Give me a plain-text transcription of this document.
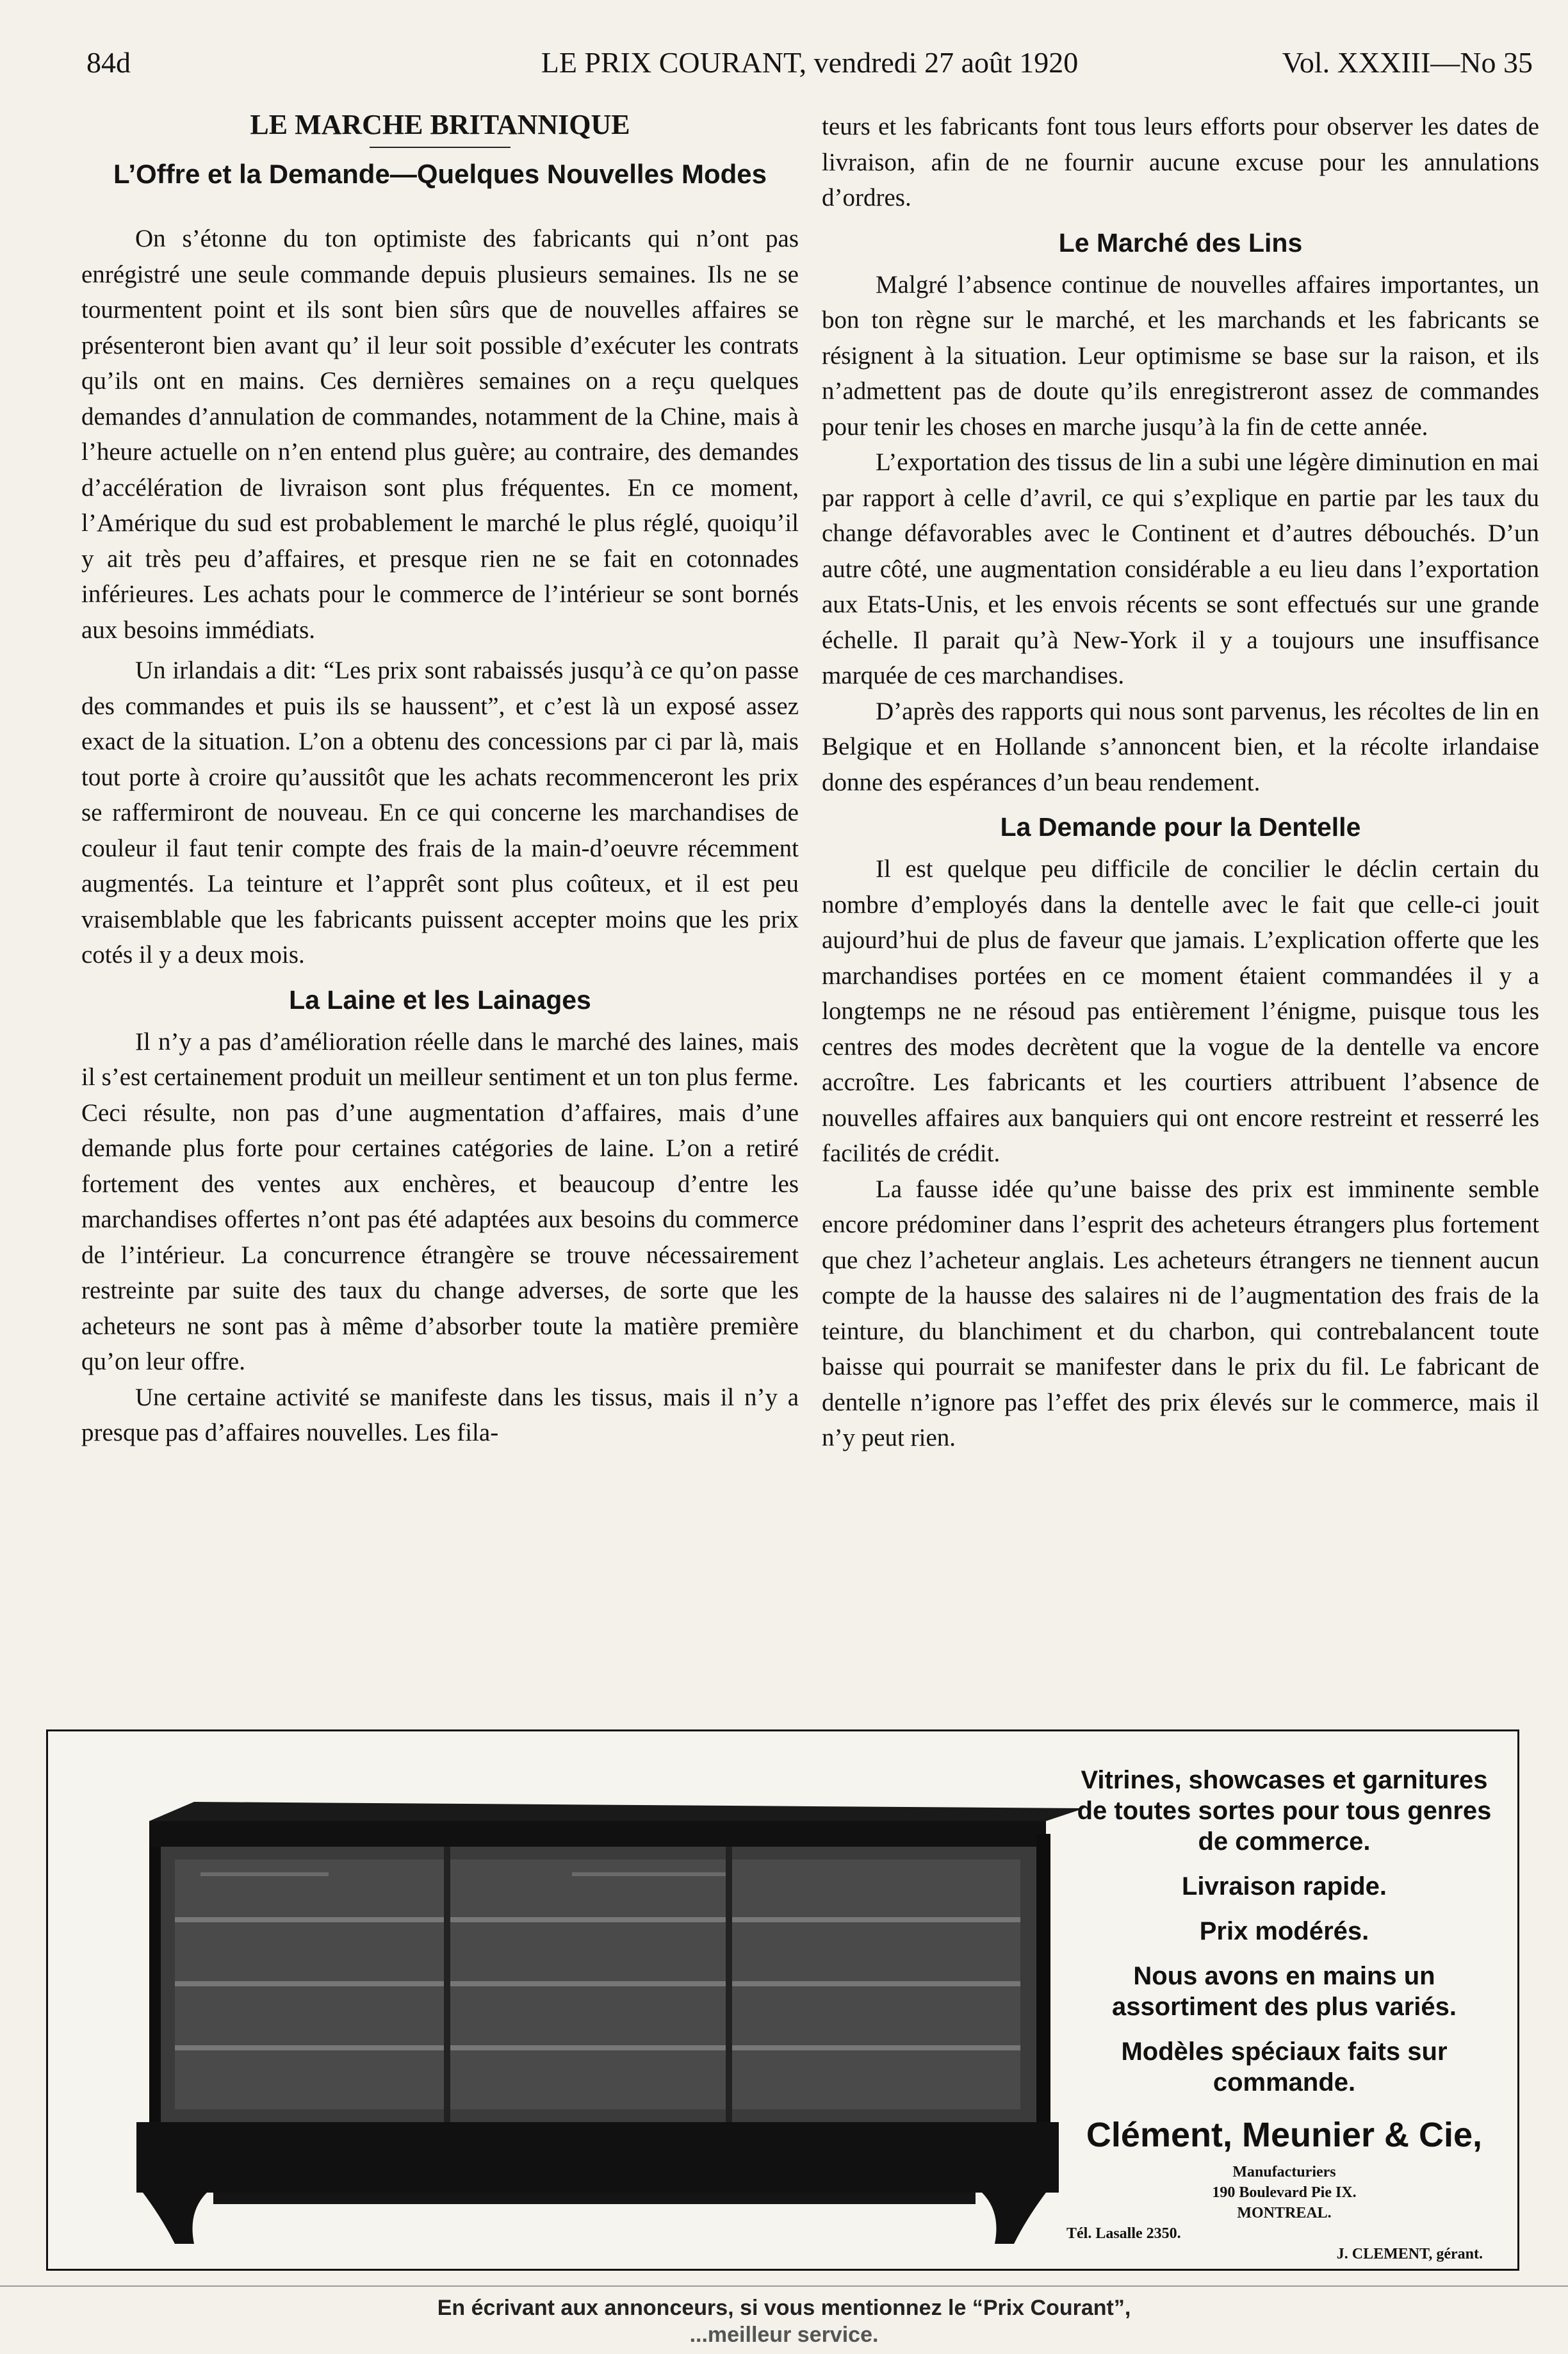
84d	LE PRIX COURANT, vendredi 27 août 1920	Vol. XXXIII—No 35
LE MARCHE BRITANNIQUE
L’Offre et la Demande—Quelques Nouvelles Modes

On s’étonne du ton optimiste des fabricants qui n’ont pas enrégistré une seule commande depuis plusieurs semaines. Ils ne se tourmentent point et ils sont bien sûrs que de nouvelles affaires se présenteront bien avant qu’ il leur soit possible d’exécuter les contrats qu’ils ont en mains. Ces dernières semaines on a reçu quelques demandes d’annulation de commandes, notamment de la Chine, mais à l’heure actuelle on n’en entend plus guère; au contraire, des demandes d’accélération de livraison sont plus fréquentes. En ce moment, l’Amérique du sud est probablement le marché le plus réglé, quoiqu’il y ait très peu d’affaires, et presque rien ne se fait en cotonnades inférieures. Les achats pour le commerce de l’intérieur se sont bornés aux besoins immédiats.

Un irlandais a dit: “Les prix sont rabaissés jusqu’à ce qu’on passe des commandes et puis ils se haussent”, et c’est là un exposé assez exact de la situation. L’on a obtenu des concessions par ci par là, mais tout porte à croire qu’aussitôt que les achats recommenceront les prix se raffermiront de nouveau. En ce qui concerne les marchandises de couleur il faut tenir compte des frais de la main-d’oeuvre récemment augmentés. La teinture et l’apprêt sont plus coûteux, et il est peu vraisemblable que les fabricants puissent accepter moins que les prix cotés il y a deux mois.

La Laine et les Lainages

Il n’y a pas d’amélioration réelle dans le marché des laines, mais il s’est certainement produit un meilleur sentiment et un ton plus ferme. Ceci résulte, non pas d’une augmentation d’affaires, mais d’une demande plus forte pour certaines catégories de laine. L’on a retiré fortement des ventes aux enchères, et beaucoup d’entre les marchandises offertes n’ont pas été adaptées aux besoins du commerce de l’intérieur. La concurrence étrangère se trouve nécessairement restreinte par suite des taux du change adverses, de sorte que les acheteurs ne sont pas à même d’absorber toute la matière première qu’on leur offre.

Une certaine activité se manifeste dans les tissus, mais il n’y a presque pas d’affaires nouvelles. Les fila-

teurs et les fabricants font tous leurs efforts pour observer les dates de livraison, afin de ne fournir aucune excuse pour les annulations d’ordres.

Le Marché des Lins

Malgré l’absence continue de nouvelles affaires importantes, un bon ton règne sur le marché, et les marchands et les fabricants se résignent à la situation. Leur optimisme se base sur la raison, et ils n’admettent pas de doute qu’ils enregistreront assez de commandes pour tenir les choses en marche jusqu’à la fin de cette année.

L’exportation des tissus de lin a subi une légère diminution en mai par rapport à celle d’avril, ce qui s’explique en partie par les taux du change défavorables avec le Continent et d’autres débouchés. D’un autre côté, une augmentation considérable a eu lieu dans l’exportation aux Etats-Unis, et les envois récents se sont effectués sur une grande échelle. Il parait qu’à New-York il y a toujours une insuffisance marquée de ces marchandises.

D’après des rapports qui nous sont parvenus, les récoltes de lin en Belgique et en Hollande s’annoncent bien, et la récolte irlandaise donne des espérances d’un beau rendement.

La Demande pour la Dentelle

Il est quelque peu difficile de concilier le déclin certain du nombre d’employés dans la dentelle avec le fait que celle-ci jouit aujourd’hui de plus de faveur que jamais. L’explication offerte que les marchandises portées en ce moment étaient commandées il y a longtemps ne ne résoud pas entièrement l’énigme, puisque tous les centres des modes decrètent que la vogue de la dentelle va encore accroître. Les fabricants et les courtiers attribuent l’absence de nouvelles affaires aux banquiers qui ont encore restreint et resserré les facilités de crédit.

La fausse idée qu’une baisse des prix est imminente semble encore prédominer dans l’esprit des acheteurs étrangers plus fortement que chez l’acheteur anglais. Les acheteurs étrangers ne tiennent aucun compte de la hausse des salaires ni de l’augmentation des frais de la teinture, du blanchiment et du charbon, qui contrebalancent toute baisse qui pourrait se manifester dans le prix du fil. Le fabricant de dentelle n’ignore pas l’effet des prix élevés sur le commerce, mais il n’y peut rien.

Vitrines, showcases et garnitures de toutes sortes pour tous genres de commerce.
Livraison rapide.
Prix modérés.
Nous avons en mains un assortiment des plus variés.
Modèles spéciaux faits sur commande.
Clément, Meunier & Cie,
Manufacturiers
190 Boulevard Pie IX.
MONTREAL.
Tél. Lasalle 2350.
J. CLEMENT, gérant.
En écrivant aux annonceurs, si vous mentionnez le “Prix Courant”,
...meilleur service.
